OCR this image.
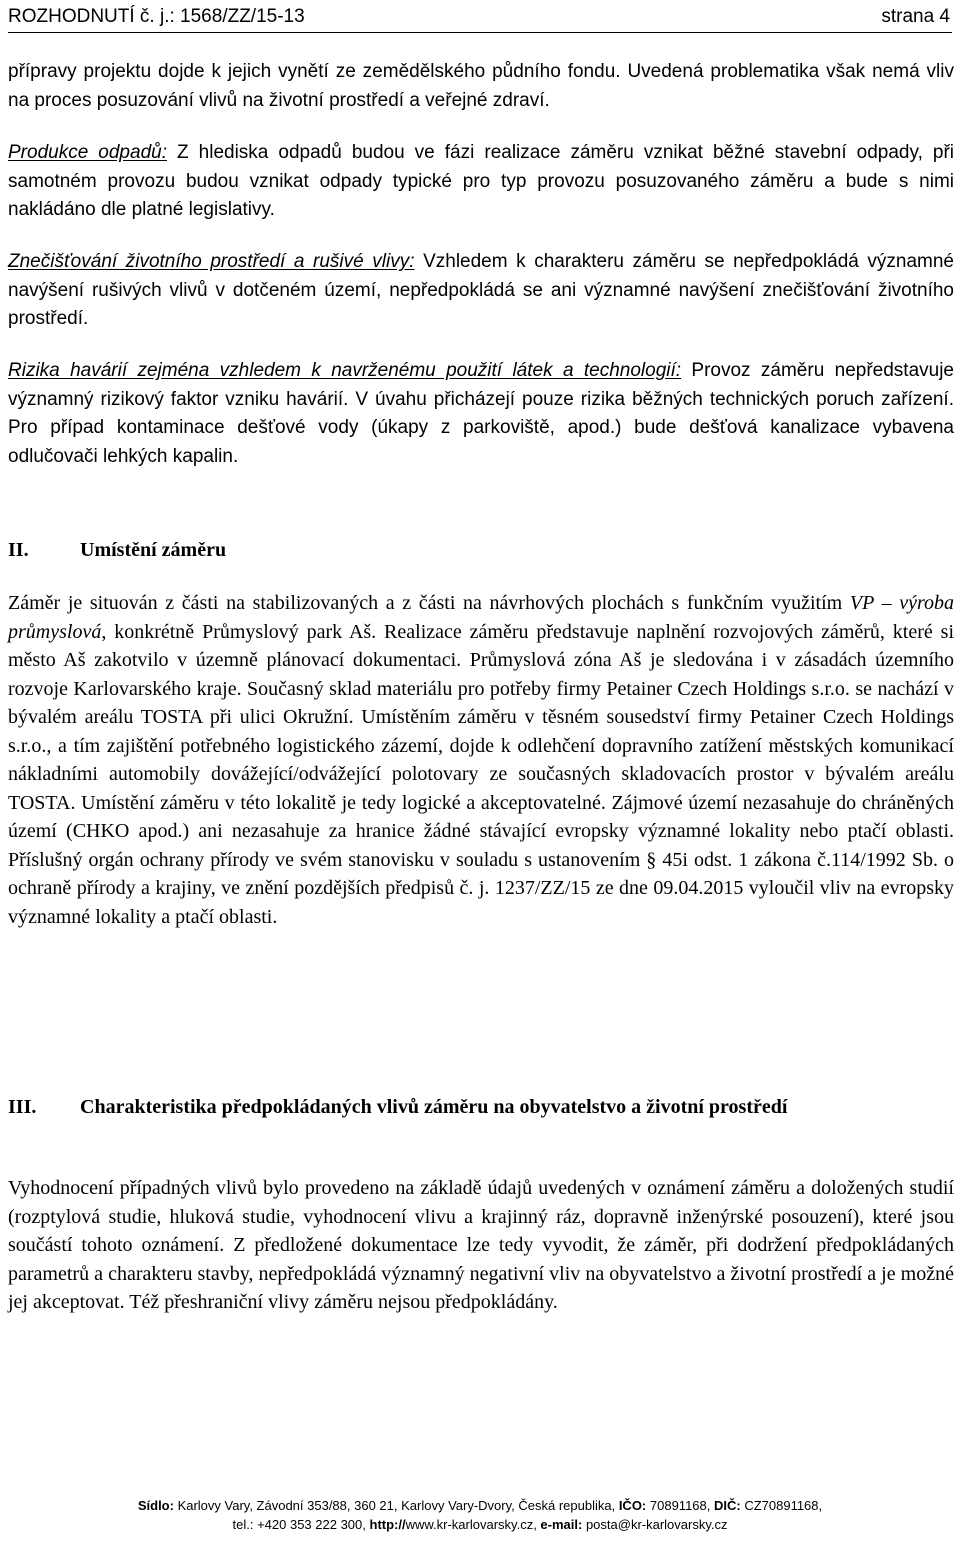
ROZHODNUTÍ č. j.: 1568/ZZ/15-13	strana 4
přípravy projektu dojde k jejich vynětí ze zemědělského půdního fondu. Uvedená problematika však nemá vliv na proces posuzování vlivů na životní prostředí a veřejné zdraví.
Produkce odpadů: Z hlediska odpadů budou ve fázi realizace záměru vznikat běžné stavební odpady, při samotném provozu budou vznikat odpady typické pro typ provozu posuzovaného záměru a bude s nimi nakládáno dle platné legislativy.
Znečišťování životního prostředí a rušivé vlivy: Vzhledem k charakteru záměru se nepředpokládá významné navýšení rušivých vlivů v dotčeném území, nepředpokládá se ani významné navýšení znečišťování životního prostředí.
Rizika havárií zejména vzhledem k navrženému použití látek a technologií: Provoz záměru nepředstavuje významný rizikový faktor vzniku havárií. V úvahu přicházejí pouze rizika běžných technických poruch zařízení. Pro případ kontaminace dešťové vody (úkapy z parkoviště, apod.) bude dešťová kanalizace vybavena odlučovači lehkých kapalin.
II.	Umístění záměru
Záměr je situován z části na stabilizovaných a z části na návrhových plochách s funkčním využitím VP – výroba průmyslová, konkrétně Průmyslový park Aš. Realizace záměru představuje naplnění rozvojových záměrů, které si město Aš zakotvilo v územně plánovací dokumentaci. Průmyslová zóna Aš je sledována i v zásadách územního rozvoje Karlovarského kraje. Současný sklad materiálu pro potřeby firmy Petainer Czech Holdings s.r.o. se nachází v bývalém areálu TOSTA při ulici Okružní. Umístěním záměru v těsném sousedství firmy Petainer Czech Holdings s.r.o., a tím zajištění potřebného logistického zázemí, dojde k odlehčení dopravního zatížení městských komunikací nákladními automobily dovážející/odvážející polotovary ze současných skladovacích prostor v bývalém areálu TOSTA. Umístění záměru v této lokalitě je tedy logické a akceptovatelné. Zájmové území nezasahuje do chráněných území (CHKO apod.) ani nezasahuje za hranice žádné stávající evropsky významné lokality nebo ptačí oblasti. Příslušný orgán ochrany přírody ve svém stanovisku v souladu s ustanovením § 45i odst. 1 zákona č.114/1992 Sb. o ochraně přírody a krajiny, ve znění pozdějších předpisů č. j. 1237/ZZ/15 ze dne 09.04.2015 vyloučil vliv na evropsky významné lokality a ptačí oblasti.
III. Charakteristika předpokládaných vlivů záměru na obyvatelstvo a životní prostředí
Vyhodnocení případných vlivů bylo provedeno na základě údajů uvedených v oznámení záměru a doložených studií (rozptylová studie, hluková studie, vyhodnocení vlivu a krajinný ráz, dopravně inženýrské posouzení), které jsou součástí tohoto oznámení. Z předložené dokumentace lze tedy vyvodit, že záměr, při dodržení předpokládaných parametrů a charakteru stavby, nepředpokládá významný negativní vliv na obyvatelstvo a životní prostředí a je možné jej akceptovat. Též přeshraniční vlivy záměru nejsou předpokládány.
Sídlo: Karlovy Vary, Závodní 353/88, 360 21, Karlovy Vary-Dvory, Česká republika, IČO: 70891168, DIČ: CZ70891168,
tel.: +420 353 222 300, http://www.kr-karlovarsky.cz, e-mail: posta@kr-karlovarsky.cz
